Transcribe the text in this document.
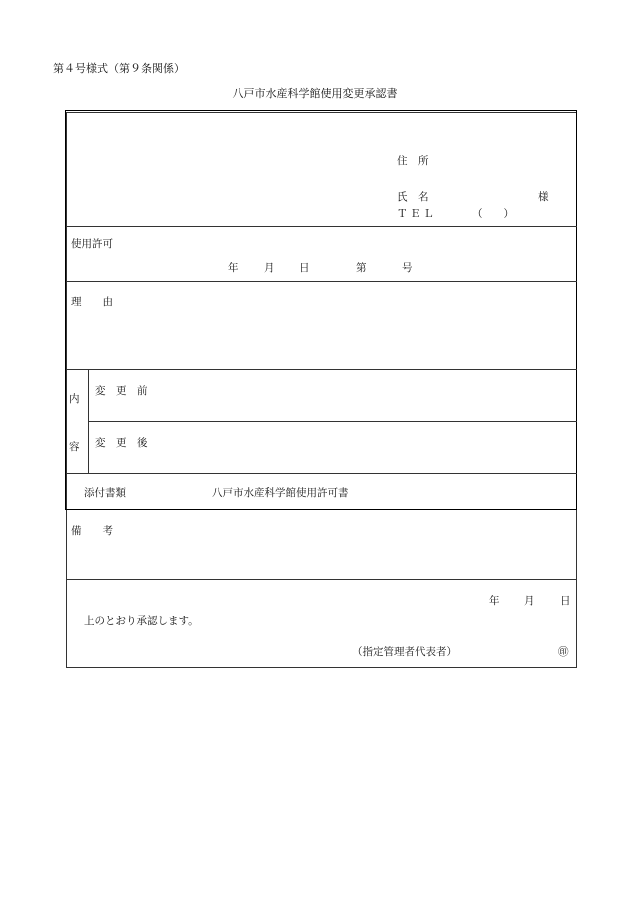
第４号様式（第９条関係）
八戸市水産科学館使用変更承認書
住　所
氏　名	様
ＴＥＬ	（　　）
使用許可
年 月 日	第	号
理　　由
内
容
変　更　前
変　更　後
添付書類	八戸市水産科学館使用許可書
備　　考
年 月 日
上のとおり承認します。
（指定管理者代表者）	㊞
